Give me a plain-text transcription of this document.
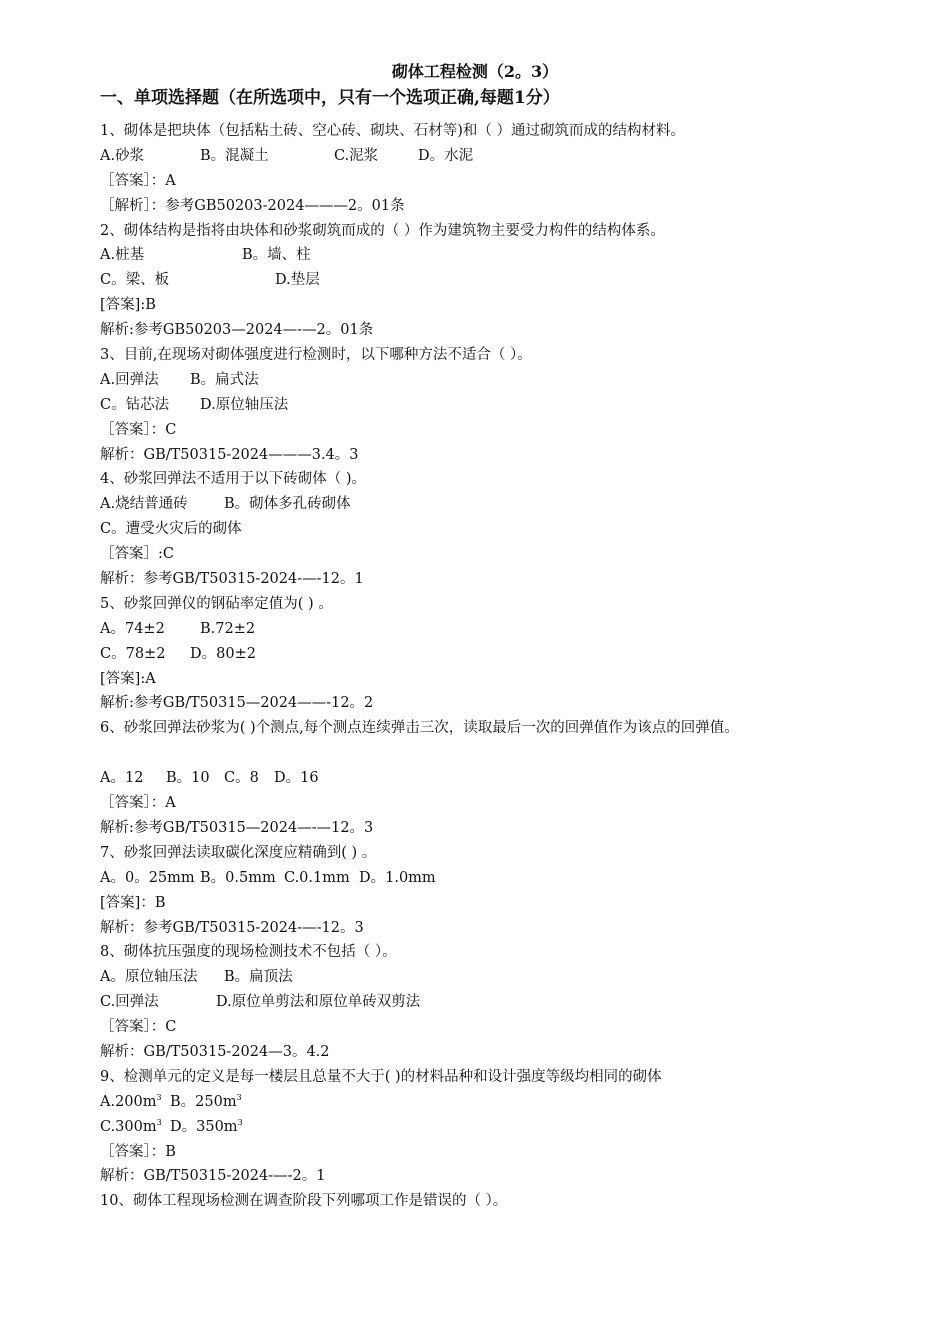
砌体工程检测（2。3）
一、单项选择题（在所选项中，只有一个选项正确,每题1分）
1、砌体是把块体（包括粘土砖、空心砖、砌块、石材等)和（ ）通过砌筑而成的结构材料。
A.砂浆	B。混凝土	C.泥浆	D。水泥
［答案］：A
［解析］：参考GB50203-2024———2。01条
2、砌体结构是指将由块体和砂浆砌筑而成的（ ）作为建筑物主要受力构件的结构体系。
A.桩基	B。墙、柱
C。梁、板	D.垫层
[答案]:B
解析:参考GB50203—2024—-—2。01条
3、目前,在现场对砌体强度进行检测时，以下哪种方法不适合（ ）。
A.回弹法 B。扁式法
C。钻芯法 D.原位轴压法
［答案］：C
解析：GB/T50315-2024———3.4。3
4、砂浆回弹法不适用于以下砖砌体（ )。
A.烧结普通砖	B。砌体多孔砖砌体
C。遭受火灾后的砌体
［答案］:C
解析：参考GB/T50315-2024-—-12。1
5、砂浆回弹仪的钢砧率定值为( ) 。
A。74±2 B.72±2
C。78±2 D。80±2
[答案]:A
解析:参考GB/T50315—2024——-12。2
6、砂浆回弹法砂浆为( )个测点,每个测点连续弹击三次，读取最后一次的回弹值作为该点的回弹值。
A。12 B。10 C。8 D。16
［答案］：A
解析:参考GB/T50315—2024—-—12。3
7、砂浆回弹法读取碳化深度应精确到( ) 。
A。0。25mm B。0.5mm C.0.1mm D。1.0mm
[答案]：B
解析：参考GB/T50315-2024-—-12。3
8、砌体抗压强度的现场检测技术不包括（ ）。
A。原位轴压法 B。扁顶法
C.回弹法	D.原位单剪法和原位单砖双剪法
［答案］：C
解析：GB/T50315-2024—3。4.2
9、检测单元的定义是每一楼层且总量不大于( )的材料品种和设计强度等级均相同的砌体
$A.200m^3$ B。$250m^3$
$C.300m^3$ D。$350m^3$
［答案］：B
解析：GB/T50315-2024-—-2。1
10、砌体工程现场检测在调查阶段下列哪项工作是错误的（ ）。
